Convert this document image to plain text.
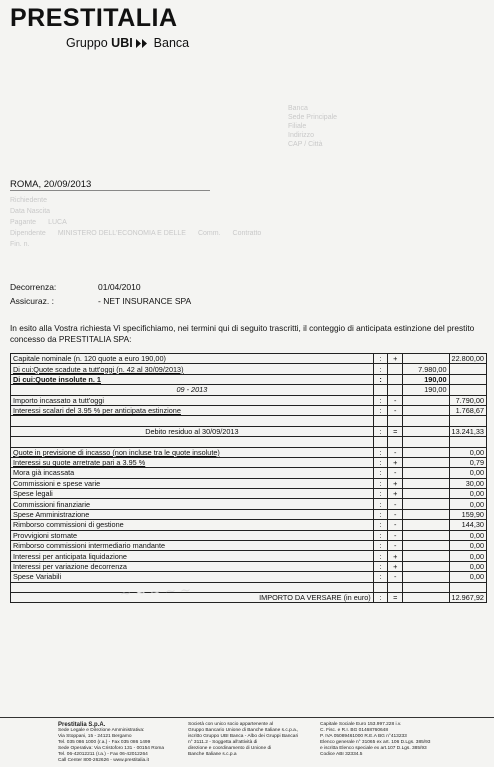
PRESTITALIA
Gruppo UBI Banca
Banca
Sede Principale
Filiale
Indirizzo
CAP / Città
ROMA, 20/09/2013
Richiedente
Data Nascita
Pagante LUCA
Dipendente MINISTERO DELL'ECONOMIA E DELLE Comm. Contratto
Fin. n.
Decorrenza:	01/04/2010
Assicuraz. :	- NET INSURANCE SPA
In esito alla Vostra richiesta Vi specifichiamo, nei termini qui di seguito trascritti, il conteggio di anticipata estinzione del prestito concesso da PRESTITALIA SPA:
Capitale nominale (n. 120 quote a euro 190,00)	:	+		22.800,00
Di cui:Quote scadute a tutt'oggi (n. 42 al 30/09/2013)	:		7.980,00	
Di cui:Quote insolute n. 1	:		190,00	
09 - 2013			190,00	
Importo incassato a tutt'oggi	:	-		7.790,00
Interessi scalari del 3.95 % per anticipata estinzione	:	-		1.768,67

Debito residuo al 30/09/2013	:	=		13.241,33

Quote in previsione di incasso (non incluse tra le quote insolute)	:	-		0,00
Interessi su quote arretrate pari a 3.95 %	:	+		0,79
Mora già incassata	:	-		0,00
Commissioni e spese varie	:	+		30,00
Spese legali	:	+		0,00
Commissioni finanziarie	:	-		0,00
Spese Amministrazione	:	-		159,90
Rimborso commissioni di gestione	:	-		144,30
Provvigioni stornate	:	-		0,00
Rimborso commissioni intermediario mandante	:	-		0,00
Interessi per anticipata liquidazione	:	+		0,00
Interessi per variazione decorrenza	:	+		0,00
Spese Variabili	:	-		0,00

IMPORTO DA VERSARE (in euro)	:	=		12.967,92
~ ~ ~ ~ ~
Prestitalia S.p.A.
Sede Legale e Direzione Amministrativa:
Via Stoppani, 15 - 24121 Bergamo
Tel. 035 086 1000 (r.a.) - Fax 035 086 1499
Sede Operativa: Via Cristoforo 131 - 00154 Roma
Tel. 06-42012211 (r.a.) - Fax 06-42012264
Call Center 800-262626 - www.prestitalia.it
Società con unico socio appartenente al
Gruppo Bancario Unione di Banche Italiane s.c.p.a.,
iscritto Gruppo UBI Banca - Albo dei Gruppi Bancari
n° 3111.2 - Soggetta all'attività di
direzione e coordinamento di Unione di
Banche Italiane s.c.p.a
Capitale Sociale Euro 153.997.228 i.v.
C. Fisc. e R.I. BG 01468760648
P. IVA 05089461000 R.E.A BG n°413233
Elenco generale n° 31065 ex art. 106 D.Lgs. 385/93
e iscritta Elenco speciale ex art.107 D.Lgs. 385/93
Codice ABI 32334.5
